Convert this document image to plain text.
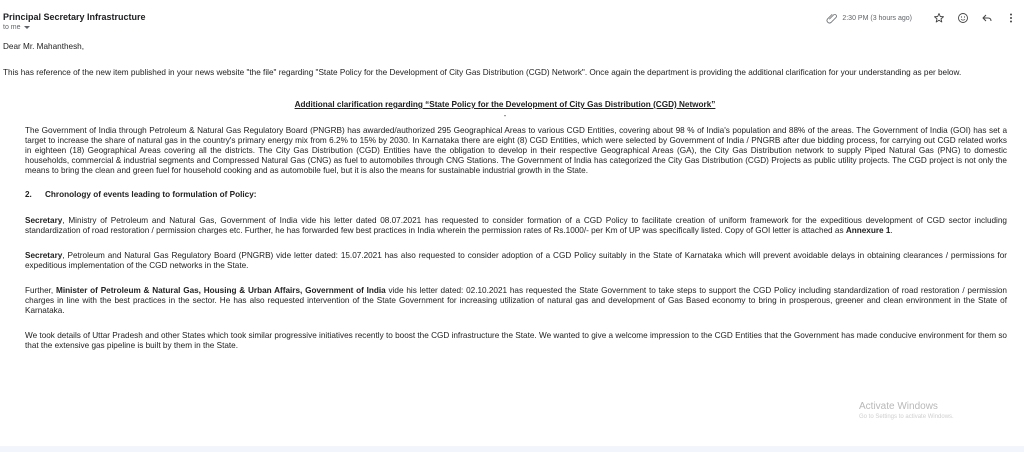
Principal Secretary Infrastructure
to me
2:30 PM (3 hours ago)

Dear Mr. Mahanthesh,

This has reference of the new item published in your news website "the file" regarding "State Policy for the Development of City Gas Distribution (CGD) Network". Once again the department is providing the additional clarification for your understanding as per below.

Additional clarification regarding “State Policy for the Development of City Gas Distribution (CGD) Network”

-

The Government of India through Petroleum & Natural Gas Regulatory Board (PNGRB) has awarded/authorized 295 Geographical Areas to various CGD Entities, covering about 98 % of India's population and 88% of the areas. The Government of India (GOI) has set a target to increase the share of natural gas in the country's primary energy mix from 6.2% to 15% by 2030. In Karnataka there are eight (8) CGD Entities, which were selected by Government of India / PNGRB after due bidding process, for carrying out CGD related works in eighteen (18) Geographical Areas covering all the districts. The City Gas Distribution (CGD) Entities have the obligation to develop in their respective Geographical Areas (GA), the City Gas Distribution network to supply Piped Natural Gas (PNG) to domestic households, commercial & industrial segments and Compressed Natural Gas (CNG) as fuel to automobiles through CNG Stations. The Government of India has categorized the City Gas Distribution (CGD) Projects as public utility projects. The CGD project is not only the means to bring the clean and green fuel for household cooking and as automobile fuel, but it is also the means for sustainable industrial growth in the State.

2. Chronology of events leading to formulation of Policy:

Secretary, Ministry of Petroleum and Natural Gas, Government of India vide his letter dated 08.07.2021 has requested to consider formation of a CGD Policy to facilitate creation of uniform framework for the expeditious development of CGD sector including standardization of road restoration / permission charges etc. Further, he has forwarded few best practices in India wherein the permission rates of Rs.1000/- per Km of UP was specifically listed. Copy of GOI letter is attached as Annexure 1.

Secretary, Petroleum and Natural Gas Regulatory Board (PNGRB) vide letter dated: 15.07.2021 has also requested to consider adoption of a CGD Policy suitably in the State of Karnataka which will prevent avoidable delays in obtaining clearances / permissions for expeditious implementation of the CGD networks in the State.

Further, Minister of Petroleum & Natural Gas, Housing & Urban Affairs, Government of India vide his letter dated: 02.10.2021 has requested the State Government to take steps to support the CGD Policy including standardization of road restoration / permission charges in line with the best practices in the sector. He has also requested intervention of the State Government for increasing utilization of natural gas and development of Gas Based economy to bring in prosperous, greener and clean environment in the State of Karnataka.

We took details of Uttar Pradesh and other States which took similar progressive initiatives recently to boost the CGD infrastructure the State. We wanted to give a welcome impression to the CGD Entities that the Government has made conducive environment for them so that the extensive gas pipeline is built by them in the State.

Activate Windows
Go to Settings to activate Windows.
